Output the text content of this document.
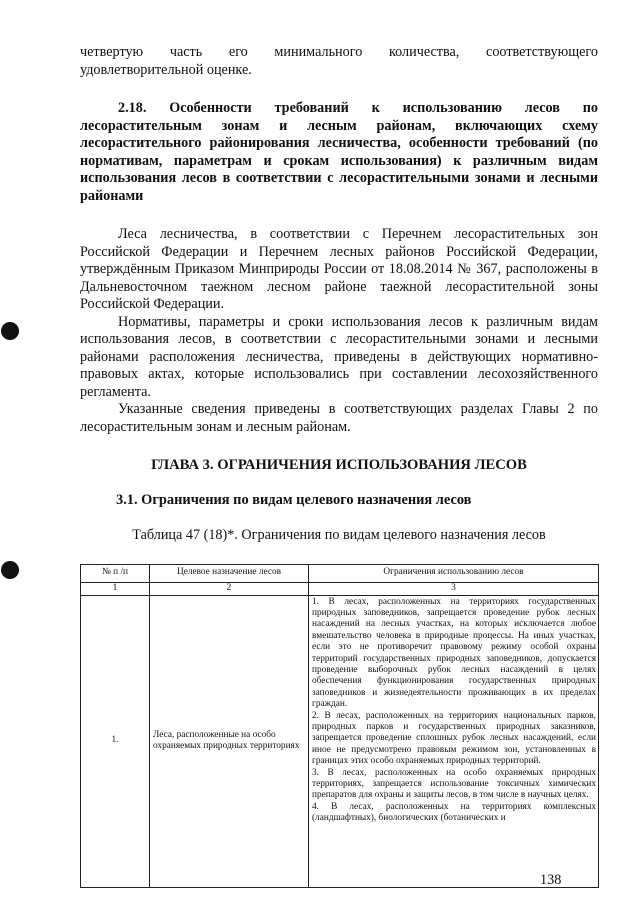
четвертую часть его минимального количества, соответствующего удовлетворительной оценке.

2.18. Особенности требований к использованию лесов по лесорастительным зонам и лесным районам, включающих схему лесорастительного районирования лесничества, особенности требований (по нормативам, параметрам и срокам использования) к различным видам использования лесов в соответствии с лесорастительными зонами и лесными районами

Леса лесничества, в соответствии с Перечнем лесорастительных зон Российской Федерации и Перечнем лесных районов Российской Федерации, утверждённым Приказом Минприроды России от 18.08.2014 № 367, расположены в Дальневосточном таежном лесном районе таежной лесорастительной зоны Российской Федерации.

Нормативы, параметры и сроки использования лесов к различным видам использования лесов, в соответствии с лесорастительными зонами и лесными районами расположения лесничества, приведены в действующих нормативно-правовых актах, которые использовались при составлении лесохозяйственного регламента.

Указанные сведения приведены в соответствующих разделах Главы 2 по лесорастительным зонам и лесным районам.

ГЛАВА 3. ОГРАНИЧЕНИЯ ИСПОЛЬЗОВАНИЯ ЛЕСОВ
3.1. Ограничения по видам целевого назначения лесов

Таблица 47 (18)*. Ограничения по видам целевого назначения лесов

№ п /п	Целевое назначение лесов	Ограничения использованию лесов
1	2	3
1.	Леса, расположенные на особо охраняемых природных территориях	1. В лесах, расположенных на территориях государственных природных заповедников, запрещается проведение рубок лесных насаждений на лесных участках, на которых исключается любое вмешательство человека в природные процессы. На иных участках, если это не противоречит правовому режиму особой охраны территорий государственных природных заповедников, допускается проведение выборочных рубок лесных насаждений в целях обеспечения функционирования государственных природных заповедников и жизнедеятельности проживающих в их пределах граждан.
2. В лесах, расположенных на территориях национальных парков, природных парков и государственных природных заказников, запрещается проведение сплошных рубок лесных насаждений, если иное не предусмотрено правовым режимом зон, установленных в границах этих особо охраняемых природных территорий.
3. В лесах, расположенных на особо охраняемых природных территориях, запрещается использование токсичных химических препаратов для охраны и защиты лесов, в том числе в научных целях.
4. В лесах, расположенных на территориях комплексных (ландшафтных), биологических (ботанических и
138
